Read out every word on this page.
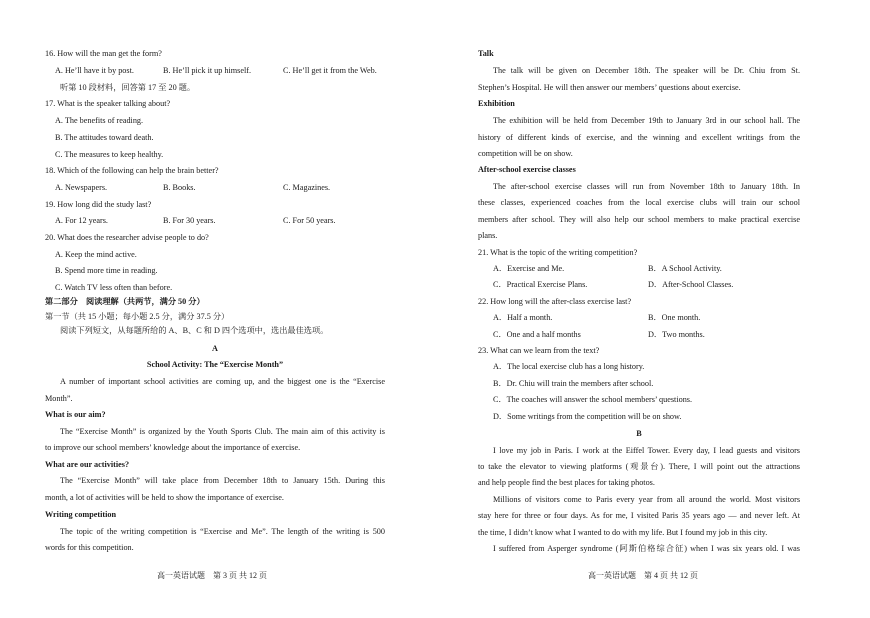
16. How will the man get the form?
A. He’ll have it by post.	B. He’ll pick it up himself.	C. He’ll get it from the Web.
听第 10 段材料，回答第 17 至 20 题。
17. What is the speaker talking about?
A. The benefits of reading.
B. The attitudes toward death.
C. The measures to keep healthy.
18. Which of the following can help the brain better?
A. Newspapers.	B. Books.	C. Magazines.
19. How long did the study last?
A. For 12 years.	B. For 30 years.	C. For 50 years.
20. What does the researcher advise people to do?
A. Keep the mind active.
B. Spend more time in reading.
C. Watch TV less often than before.
第二部分　阅读理解（共两节，满分 50 分）
第一节（共 15 小题；每小题 2.5 分，满分 37.5 分）
阅读下列短文，从每题所给的 A、B、C 和 D 四个选项中，选出最佳选项。
A
School Activity: The “Exercise Month”
A number of important school activities are coming up, and the biggest one is the “Exercise
Month”.
What is our aim?
The “Exercise Month” is organized by the Youth Sports Club. The main aim of this activity is
to improve our school members’ knowledge about the importance of exercise.
What are our activities?
The “Exercise Month” will take place from December 18th to January 15th. During this
month, a lot of activities will be held to show the importance of exercise.
Writing competition
The topic of the writing competition is “Exercise and Me”. The length of the writing is 500
words for this competition.
高一英语试题　第 3 页 共 12 页
Talk
The talk will be given on December 18th. The speaker will be Dr. Chiu from St.
Stephen’s Hospital. He will then answer our members’ questions about exercise.
Exhibition
The exhibition will be held from December 19th to January 3rd in our school hall. The
history of different kinds of exercise, and the winning and excellent writings from the
competition will be on show.
After-school exercise classes
The after-school exercise classes will run from November 18th to January 18th. In
these classes, experienced coaches from the local exercise clubs will train our school
members after school. They will also help our school members to make practical exercise
plans.
21. What is the topic of the writing competition?
A．Exercise and Me.	B．A School Activity.
C．Practical Exercise Plans.	D．After-School Classes.
22. How long will the after-class exercise last?
A．Half a month.	B．One month.
C．One and a half months	D．Two months.
23. What can we learn from the text?
A．The local exercise club has a long history.
B．Dr. Chiu will train the members after school.
C．The coaches will answer the school members’ questions.
D．Some writings from the competition will be on show.
B
I love my job in Paris. I work at the Eiffel Tower. Every day, I lead guests and visitors
to take the elevator to viewing platforms (观景台). There, I will point out the attractions
and help people find the best places for taking photos.
Millions of visitors come to Paris every year from all around the world. Most visitors
stay here for three or four days. As for me, I visited Paris 35 years ago — and never left. At
the time, I didn’t know what I wanted to do with my life. But I found my job in this city.
I suffered from Asperger syndrome (阿斯伯格综合征) when I was six years old. I was
高一英语试题　第 4 页 共 12 页
